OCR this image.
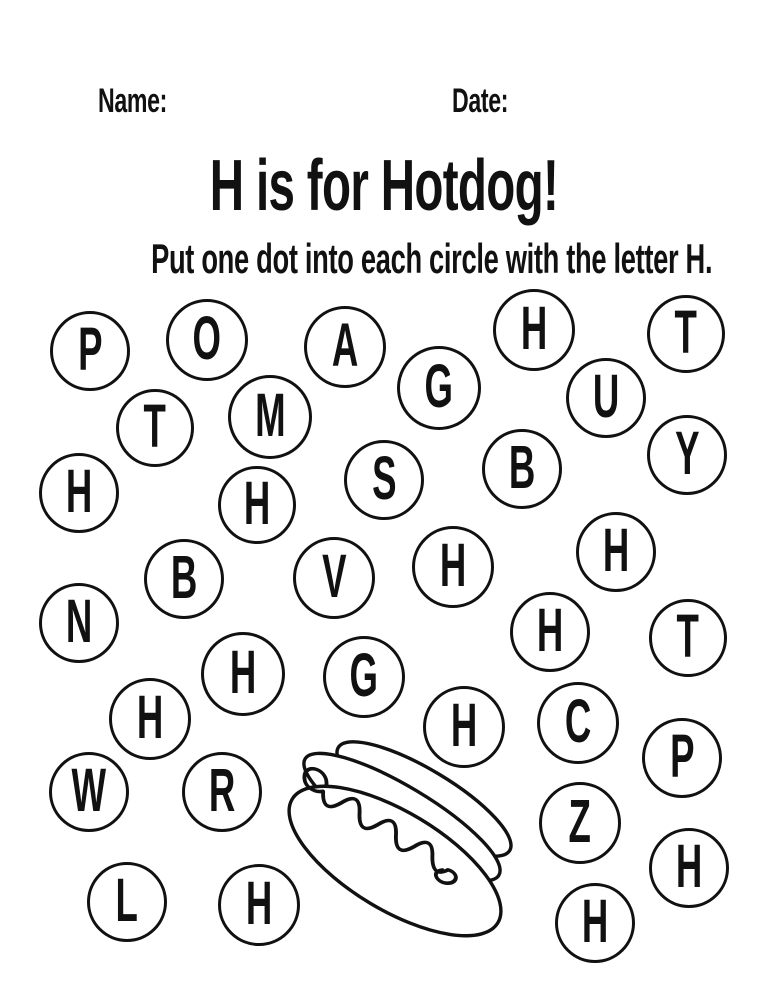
Name:	Date:
H is for Hotdog!
Put one dot into each circle with the letter H.
P O A	H T
T M G U
H H S B Y
B V H H
N	H T
H G
H	H C
W R	P
Z
H
L H	H
